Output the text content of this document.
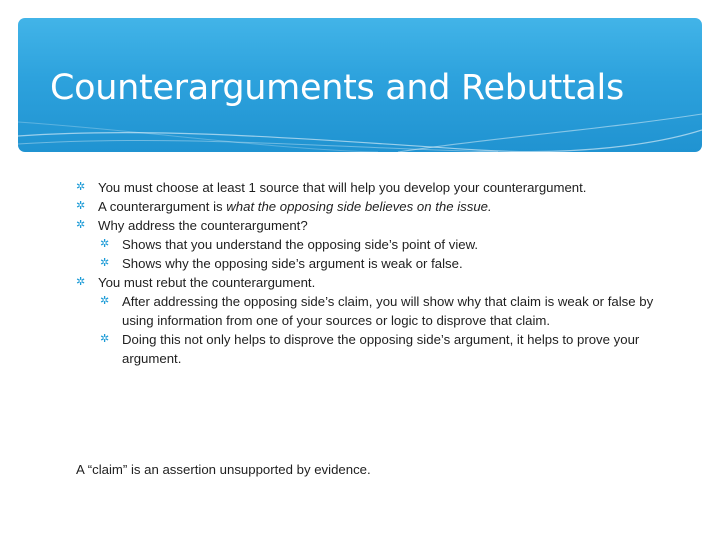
Counterarguments and Rebuttals
✲ You must choose at least 1 source that will help you develop your counterargument.
✲ A counterargument is what the opposing side believes on the issue.
✲ Why address the counterargument?
✲ Shows that you understand the opposing side’s point of view.
✲ Shows why the opposing side’s argument is weak or false.
✲ You must rebut the counterargument.
✲ After addressing the opposing side’s claim, you will show why that claim is weak or false by using information from one of your sources or logic to disprove that claim.
✲ Doing this not only helps to disprove the opposing side’s argument, it helps to prove your argument.
A “claim” is an assertion unsupported by evidence.
